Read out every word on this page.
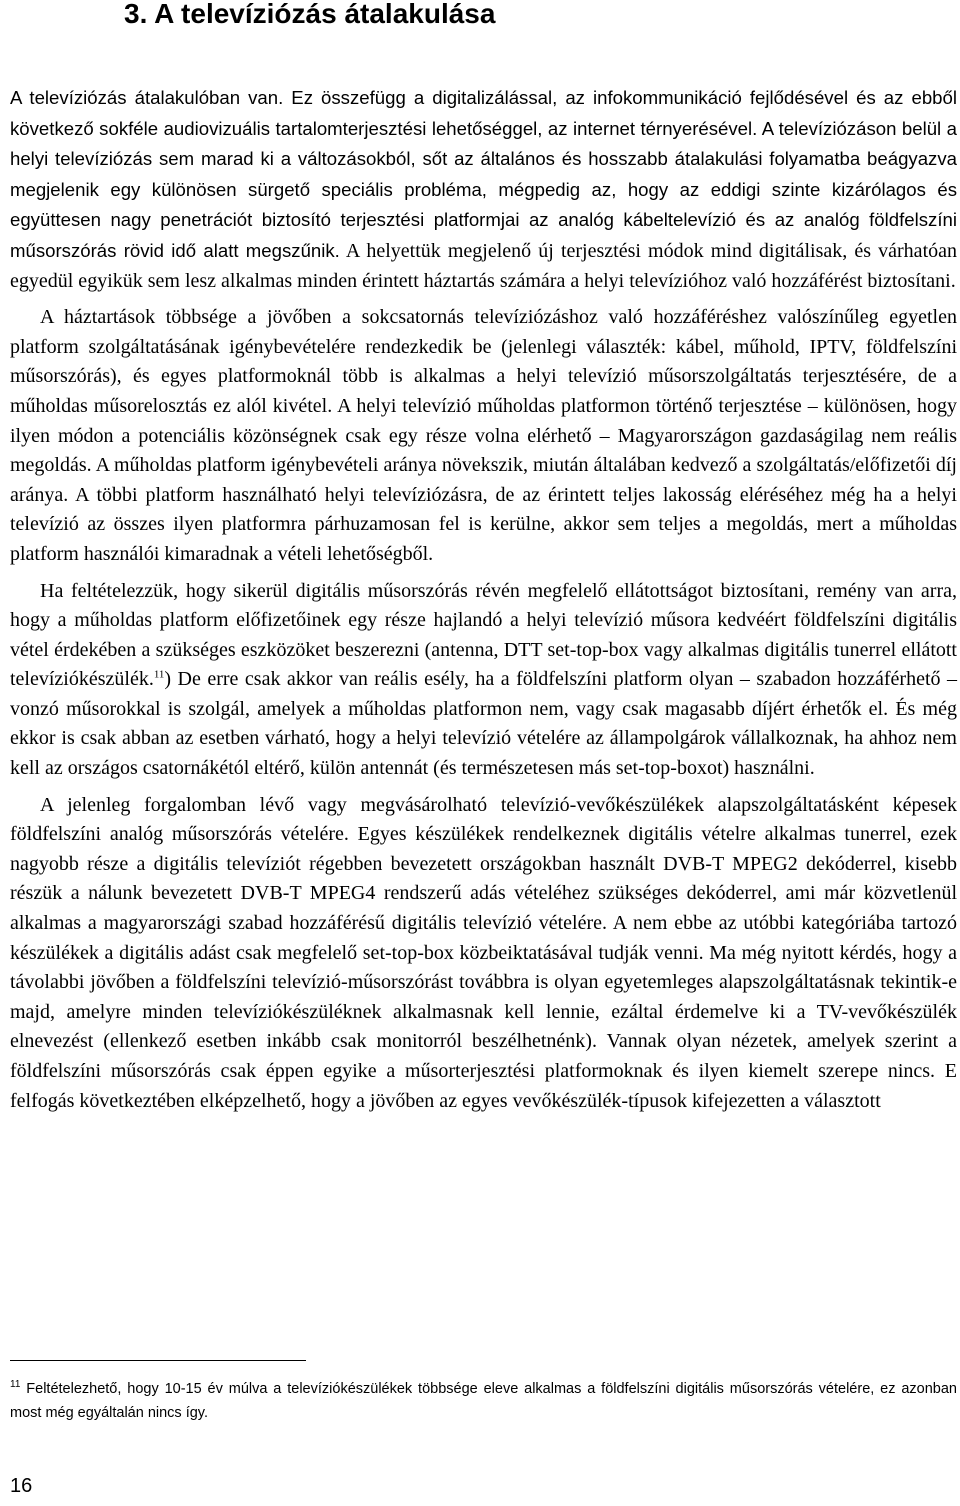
3. A televíziózás átalakulása

A televíziózás átalakulóban van. Ez összefügg a digitalizálással, az infokommunikáció fejlődésével és az ebből következő sokféle audiovizuális tartalomterjesztési lehetőséggel, az internet térnyerésével. A televíziózáson belül a helyi televíziózás sem marad ki a változásokból, sőt az általános és hosszabb átalakulási folyamatba beágyazva megjelenik egy különösen sürgető speciális probléma, mégpedig az, hogy az eddigi szinte kizárólagos és együttesen nagy penetrációt biztosító terjesztési platformjai az analóg kábeltelevízió és az analóg földfelszíni műsorszórás rövid idő alatt megszűnik. A helyettük megjelenő új terjesztési módok mind digitálisak, és várhatóan egyedül egyikük sem lesz alkalmas minden érintett háztartás számára a helyi televízióhoz való hozzáférést biztosítani.

A háztartások többsége a jövőben a sokcsatornás televíziózáshoz való hozzáféréshez valószínűleg egyetlen platform szolgáltatásának igénybevételére rendezkedik be (jelenlegi választék: kábel, műhold, IPTV, földfelszíni műsorszórás), és egyes platformoknál több is alkalmas a helyi televízió műsorszolgáltatás terjesztésére, de a műholdas műsorelosztás ez alól kivétel. A helyi televízió műholdas platformon történő terjesztése – különösen, hogy ilyen módon a potenciális közönségnek csak egy része volna elérhető – Magyarországon gazdaságilag nem reális megoldás. A műholdas platform igénybevételi aránya növekszik, miután általában kedvező a szolgáltatás/előfizetői díj aránya. A többi platform használható helyi televíziózásra, de az érintett teljes lakosság eléréséhez még ha a helyi televízió az összes ilyen platformra párhuzamosan fel is kerülne, akkor sem teljes a megoldás, mert a műholdas platform használói kimaradnak a vételi lehetőségből.

Ha feltételezzük, hogy sikerül digitális műsorszórás révén megfelelő ellátottságot biztosítani, remény van arra, hogy a műholdas platform előfizetőinek egy része hajlandó a helyi televízió műsora kedvéért földfelszíni digitális vétel érdekében a szükséges eszközöket beszerezni (antenna, DTT set-top-box vagy alkalmas digitális tunerrel ellátott televíziókészülék.$^{11}$) De erre csak akkor van reális esély, ha a földfelszíni platform olyan – szabadon hozzáférhető – vonzó műsorokkal is szolgál, amelyek a műholdas platformon nem, vagy csak magasabb díjért érhetők el. És még ekkor is csak abban az esetben várható, hogy a helyi televízió vételére az állampolgárok vállalkoznak, ha ahhoz nem kell az országos csatornákétól eltérő, külön antennát (és természetesen más set-top-boxot) használni.

A jelenleg forgalomban lévő vagy megvásárolható televízió-vevőkészülékek alapszolgáltatásként képesek földfelszíni analóg műsorszórás vételére. Egyes készülékek rendelkeznek digitális vételre alkalmas tunerrel, ezek nagyobb része a digitális televíziót régebben bevezetett országokban használt DVB-T MPEG2 dekóderrel, kisebb részük a nálunk bevezetett DVB-T MPEG4 rendszerű adás vételéhez szükséges dekóderrel, ami már közvetlenül alkalmas a magyarországi szabad hozzáférésű digitális televízió vételére. A nem ebbe az utóbbi kategóriába tartozó készülékek a digitális adást csak megfelelő set-top-box közbeiktatásával tudják venni. Ma még nyitott kérdés, hogy a távolabbi jövőben a földfelszíni televízió-műsorszórást továbbra is olyan egyetemleges alapszolgáltatásnak tekintik-e majd, amelyre minden televíziókészüléknek alkalmasnak kell lennie, ezáltal érdemelve ki a TV-vevőkészülék elnevezést (ellenkező esetben inkább csak monitorról beszélhetnénk). Vannak olyan nézetek, amelyek szerint a földfelszíni műsorszórás csak éppen egyike a műsorterjesztési platformoknak és ilyen kiemelt szerepe nincs. E felfogás következtében elképzelhető, hogy a jövőben az egyes vevőkészülék-típusok kifejezetten a választott

$^{11}$ Feltételezhető, hogy 10-15 év múlva a televíziókészülékek többsége eleve alkalmas a földfelszíni digitális műsorszórás vételére, ez azonban most még egyáltalán nincs így.
16
